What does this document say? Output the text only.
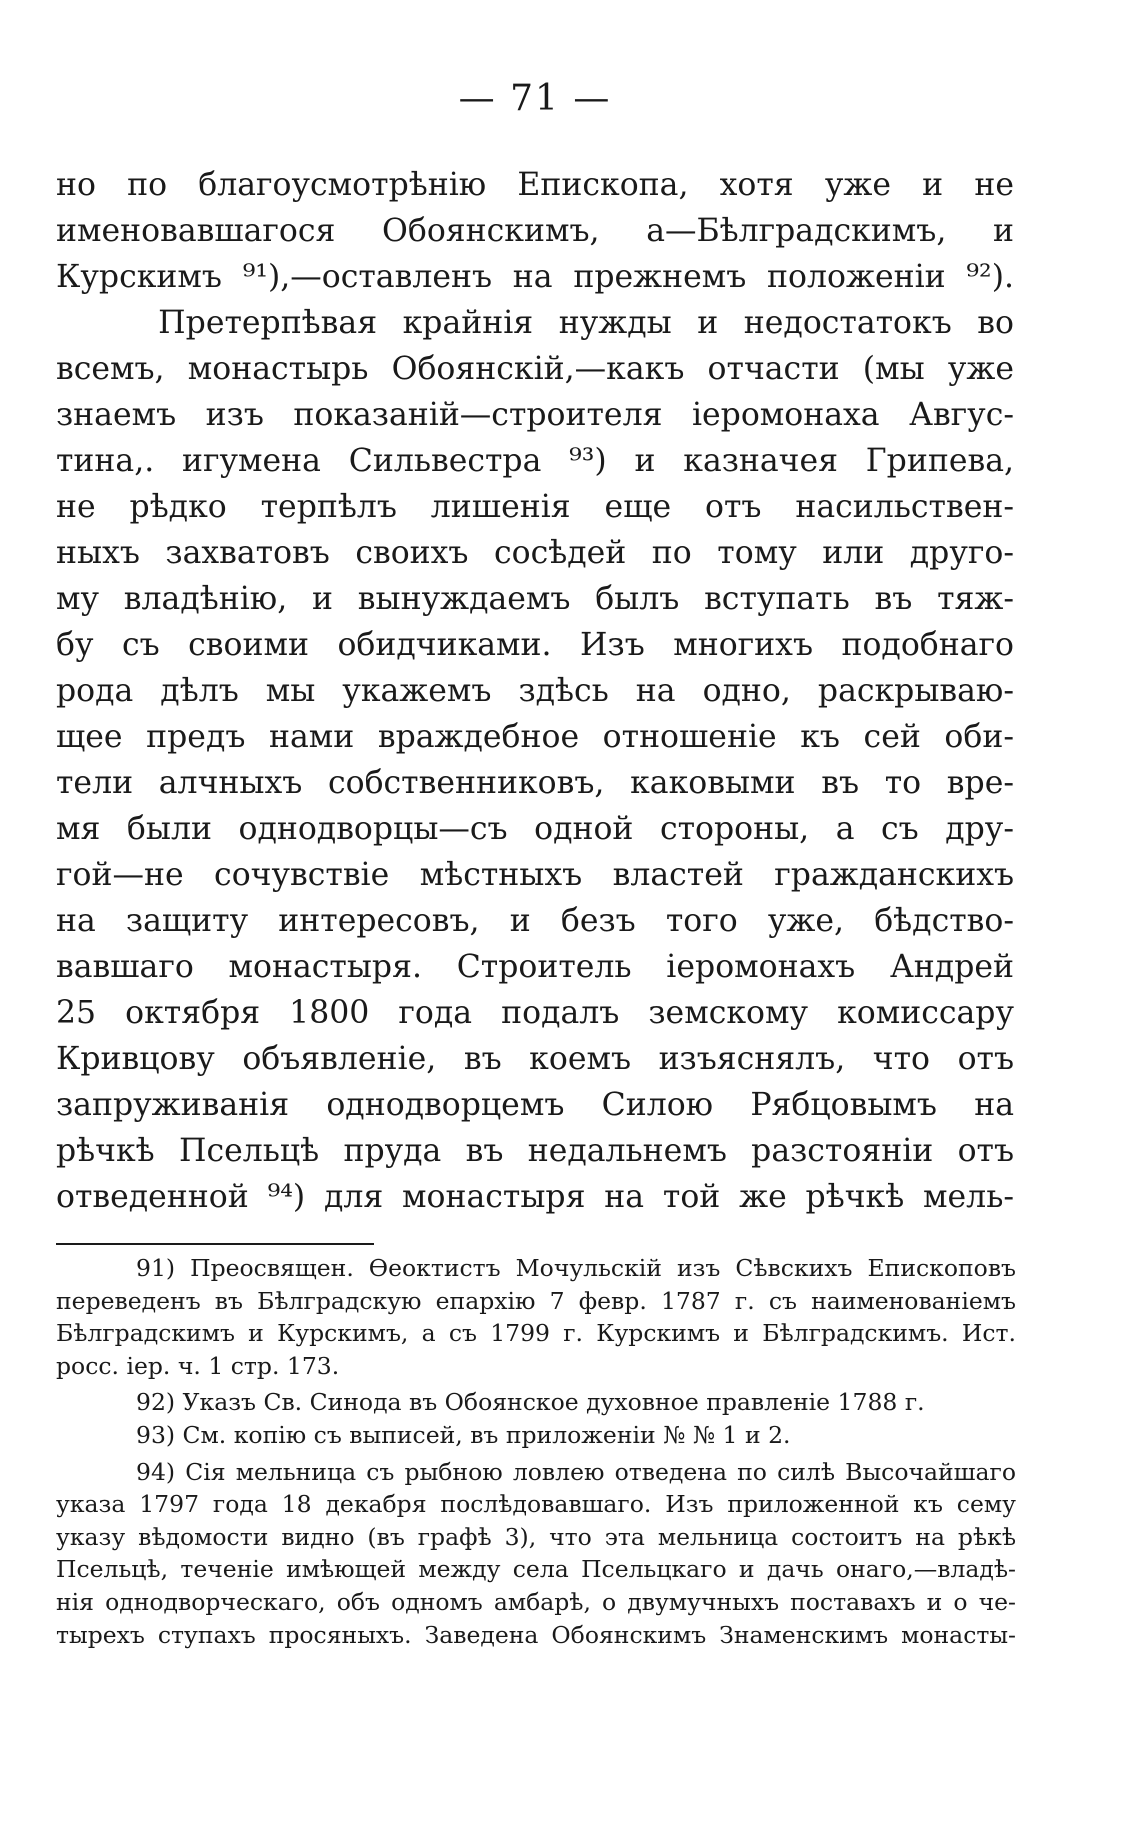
— 71 —
но по благоусмотрѣнію Епископа, хотя уже и не
именовавшагося Обоянскимъ, а—Бѣлградскимъ, и
Курскимъ ⁹¹),—оставленъ на прежнемъ положеніи ⁹²).
Претерпѣвая крайнія нужды и недостатокъ во
всемъ, монастырь Обоянскій,—какъ отчасти (мы уже
знаемъ изъ показаній—строителя іеромонаха Авгус-
тина,. игумена Сильвестра ⁹³) и казначея Грипева,
не рѣдко терпѣлъ лишенія еще отъ насильствен-
ныхъ захватовъ своихъ сосѣдей по тому или друго-
му владѣнію, и вынуждаемъ былъ вступать въ тяж-
бу съ своими обидчиками. Изъ многихъ подобнаго
рода дѣлъ мы укажемъ здѣсь на одно, раскрываю-
щее предъ нами враждебное отношеніе къ сей оби-
тели алчныхъ собственниковъ, каковыми въ то вре-
мя были однодворцы—съ одной стороны, а съ дру-
гой—не сочувствіе мѣстныхъ властей гражданскихъ
на защиту интересовъ, и безъ того уже, бѣдство-
вавшаго монастыря. Строитель іеромонахъ Андрей
25 октября 1800 года подалъ земскому комиссару
Кривцову объявленіе, въ коемъ изъяснялъ, что отъ
запруживанія однодворцемъ Силою Рябцовымъ на
рѣчкѣ Псельцѣ пруда въ недальнемъ разстояніи отъ
отведенной ⁹⁴) для монастыря на той же рѣчкѣ мель-
91) Преосвящен. Ѳеоктистъ Мочульскій изъ Сѣвскихъ Епископовъ
переведенъ въ Бѣлградскую епархію 7 февр. 1787 г. съ наименованіемъ
Бѣлградскимъ и Курскимъ, а съ 1799 г. Курскимъ и Бѣлградскимъ. Ист.
росс. іер. ч. 1 стр. 173.
92) Указъ Св. Синода въ Обоянское духовное правленіе 1788 г.
93) См. копію съ выписей, въ приложеніи № № 1 и 2.
94) Сія мельница съ рыбною ловлею отведена по силѣ Высочайшаго
указа 1797 года 18 декабря послѣдовавшаго. Изъ приложенной къ сему
указу вѣдомости видно (въ графѣ 3), что эта мельница состоитъ на рѣкѣ
Псельцѣ, теченіе имѣющей между села Псельцкаго и дачь онаго,—владѣ-
нія однодворческаго, объ одномъ амбарѣ, о двумучныхъ поставахъ и о че-
тырехъ ступахъ просяныхъ. Заведена Обоянскимъ Знаменскимъ монасты-
